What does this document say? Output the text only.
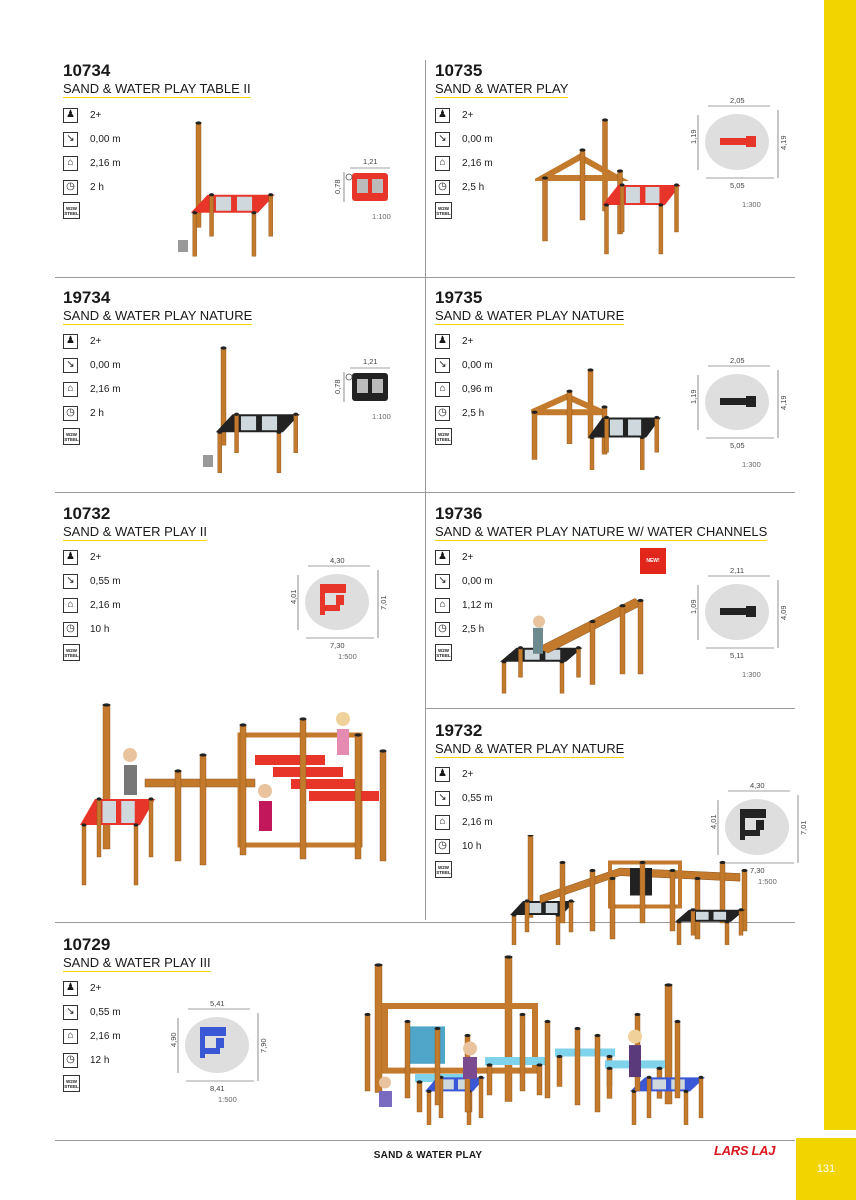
10734
SAND & WATER PLAY TABLE II
♟	2+
↘	0,00 m
⌂	2,16 m
◷	2 h
W2W
STEEL
1,21
0,78
1:100
10735
SAND & WATER PLAY
♟	2+
↘	0,00 m
⌂	2,16 m
◷	2,5 h
W2W
STEEL
2,05
1,19	4,19
5,05
1:300
19734
SAND & WATER PLAY NATURE
♟	2+
↘	0,00 m
⌂	2,16 m
◷	2 h
W2W
STEEL
1,21
0,78
1:100
19735
SAND & WATER PLAY NATURE
♟	2+
↘	0,00 m
⌂	0,96 m
◷	2,5 h
W2W
STEEL
2,05
1,19	4,19
5,05
1:300
10732
SAND & WATER PLAY II
♟	2+
↘	0,55 m
⌂	2,16 m
◷	10 h
W2W
STEEL
4,30
4,01	7,01
7,30
1:500
19736
SAND & WATER PLAY NATURE W/ WATER CHANNELS
♟	2+
↘	0,00 m
⌂	1,12 m
◷	2,5 h
W2W
STEEL
2,11
1,09	4,09
5,11
1:300
NEW!
19732
SAND & WATER PLAY NATURE
♟	2+
↘	0,55 m
⌂	2,16 m
◷	10 h
W2W
STEEL
4,30
4,01	7,01
7,30
1:500
10729
SAND & WATER PLAY III
♟	2+
↘	0,55 m
⌂	2,16 m
◷	12 h
W2W
STEEL
5,41
4,90	7,90
8,41
1:500
SAND & WATER PLAY	LARS LAJ
131
